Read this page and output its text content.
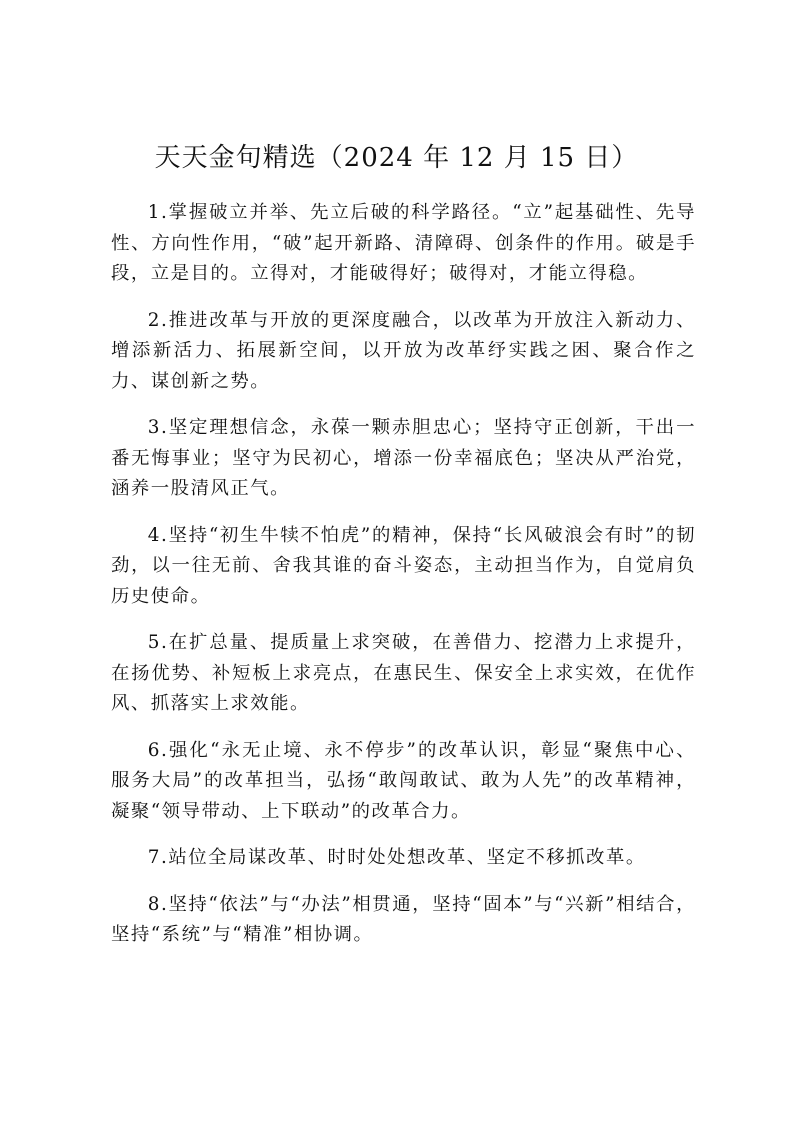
天天金句精选（2024 年 12 月 15 日）

1.掌握破立并举、先立后破的科学路径。“立”起基础性、先导性、方向性作用，“破”起开新路、清障碍、创条件的作用。破是手段，立是目的。立得对，才能破得好；破得对，才能立得稳。

2.推进改革与开放的更深度融合，以改革为开放注入新动力、增添新活力、拓展新空间，以开放为改革纾实践之困、聚合作之力、谋创新之势。

3.坚定理想信念，永葆一颗赤胆忠心；坚持守正创新，干出一番无悔事业；坚守为民初心，增添一份幸福底色；坚决从严治党，涵养一股清风正气。

4.坚持“初生牛犊不怕虎”的精神，保持“长风破浪会有时”的韧劲，以一往无前、舍我其谁的奋斗姿态，主动担当作为，自觉肩负历史使命。

5.在扩总量、提质量上求突破，在善借力、挖潜力上求提升，在扬优势、补短板上求亮点，在惠民生、保安全上求实效，在优作风、抓落实上求效能。

6.强化“永无止境、永不停步”的改革认识，彰显“聚焦中心、服务大局”的改革担当，弘扬“敢闯敢试、敢为人先”的改革精神，凝聚“领导带动、上下联动”的改革合力。

7.站位全局谋改革、时时处处想改革、坚定不移抓改革。

8.坚持“依法”与“办法”相贯通，坚持“固本”与“兴新”相结合，坚持“系统”与“精准”相协调。
